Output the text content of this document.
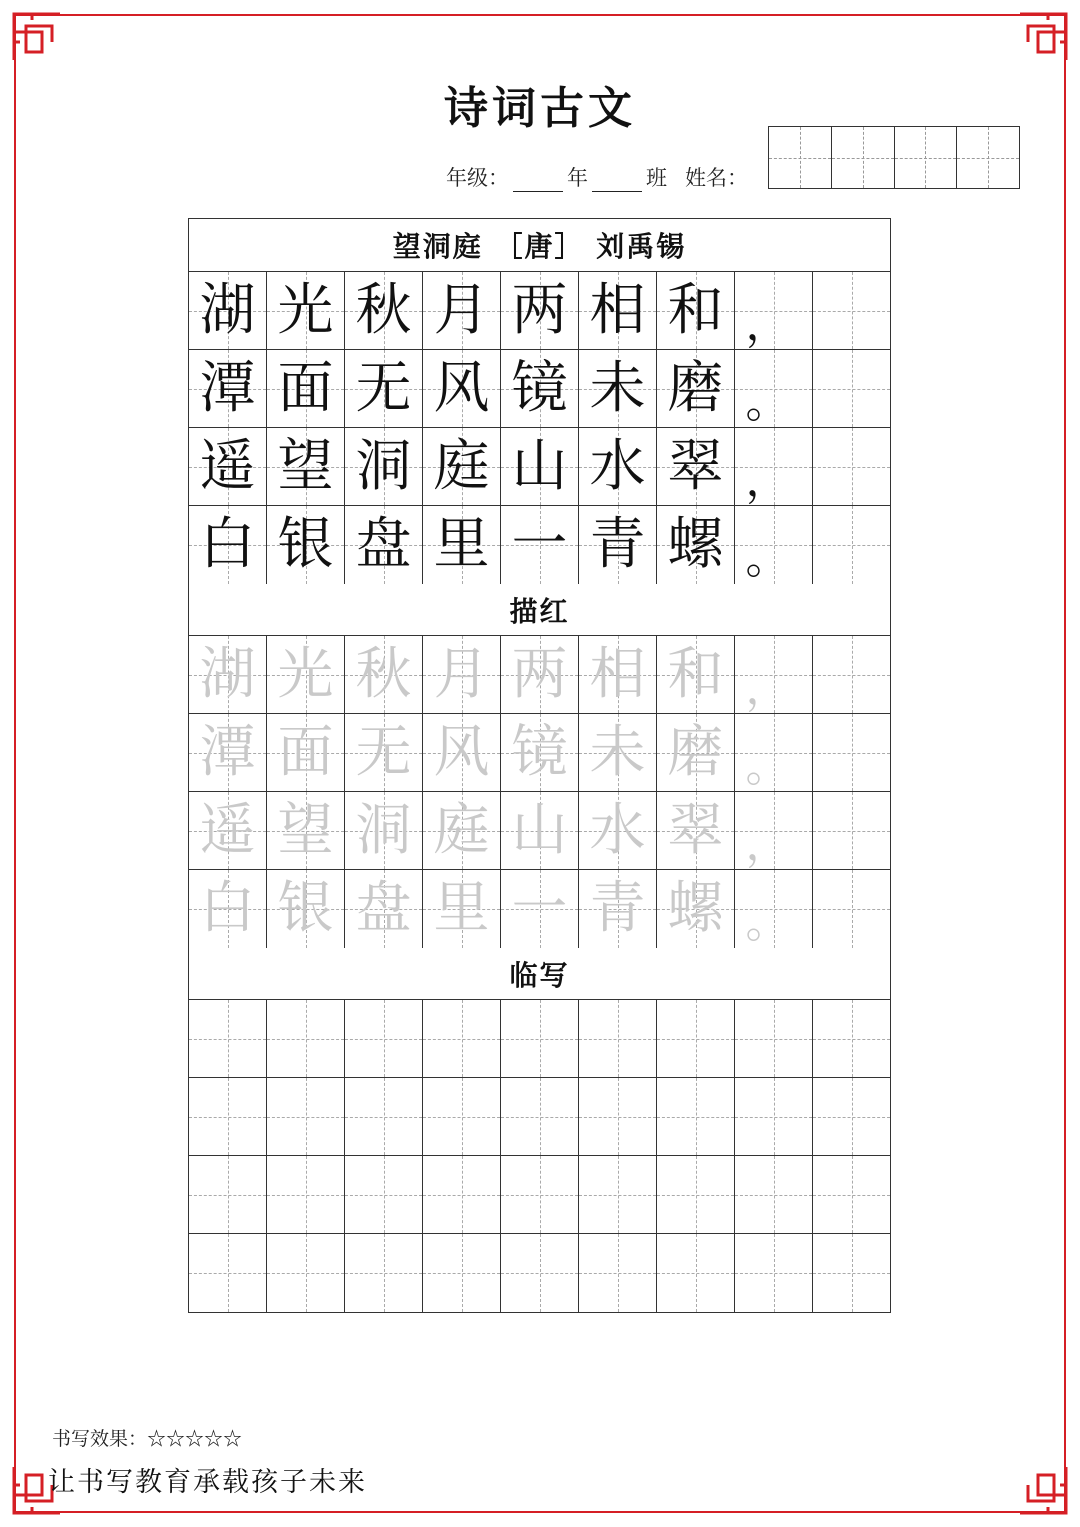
诗词古文
年级：	年	班 姓名：
望洞庭 ［唐］ 刘禹锡
湖 光 秋 月 两 相 和 ，
潭 面 无 风 镜 未 磨 。
遥 望 洞 庭 山 水 翠 ，
白 银 盘 里 一 青 螺 。
描红
湖 光 秋 月 两 相 和 ，
潭 面 无 风 镜 未 磨 。
遥 望 洞 庭 山 水 翠 ，
白 银 盘 里 一 青 螺 。
临写
书写效果：☆☆☆☆☆
让书写教育承载孩子未来
